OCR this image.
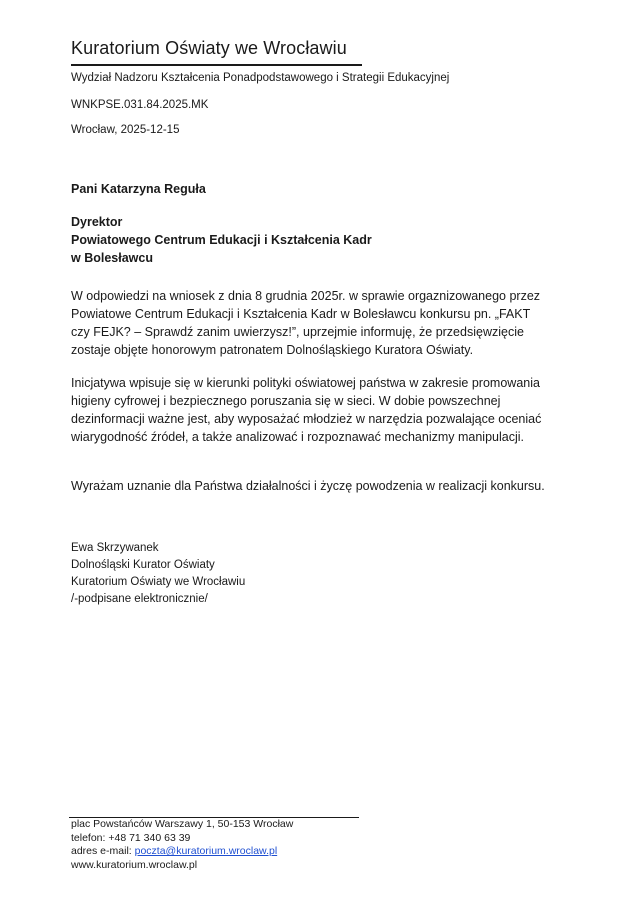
Kuratorium Oświaty we Wrocławiu
Wydział Nadzoru Kształcenia Ponadpodstawowego i Strategii Edukacyjnej
WNKPSE.031.84.2025.MK
Wrocław, 2025-12-15
Pani Katarzyna Reguła
Dyrektor
Powiatowego Centrum Edukacji i Kształcenia Kadr
w Bolesławcu
W odpowiedzi na wniosek z dnia 8 grudnia 2025r. w sprawie orgaznizowanego przez
Powiatowe Centrum Edukacji i Kształcenia Kadr w Bolesławcu konkursu pn. „FAKT
czy FEJK? – Sprawdź zanim uwierzysz!”, uprzejmie informuję, że przedsięwzięcie
zostaje objęte honorowym patronatem Dolnośląskiego Kuratora Oświaty.
Inicjatywa wpisuje się w kierunki polityki oświatowej państwa w zakresie promowania
higieny cyfrowej i bezpiecznego poruszania się w sieci. W dobie powszechnej
dezinformacji ważne jest, aby wyposażać młodzież w narzędzia pozwalające oceniać
wiarygodność źródeł, a także analizować i rozpoznawać mechanizmy manipulacji.
Wyrażam uznanie dla Państwa działalności i życzę powodzenia w realizacji konkursu.
Ewa Skrzywanek
Dolnośląski Kurator Oświaty
Kuratorium Oświaty we Wrocławiu
/-podpisane elektronicznie/
plac Powstańców Warszawy 1, 50-153 Wrocław
telefon: +48 71 340 63 39
adres e-mail: poczta@kuratorium.wroclaw.pl
www.kuratorium.wroclaw.pl
